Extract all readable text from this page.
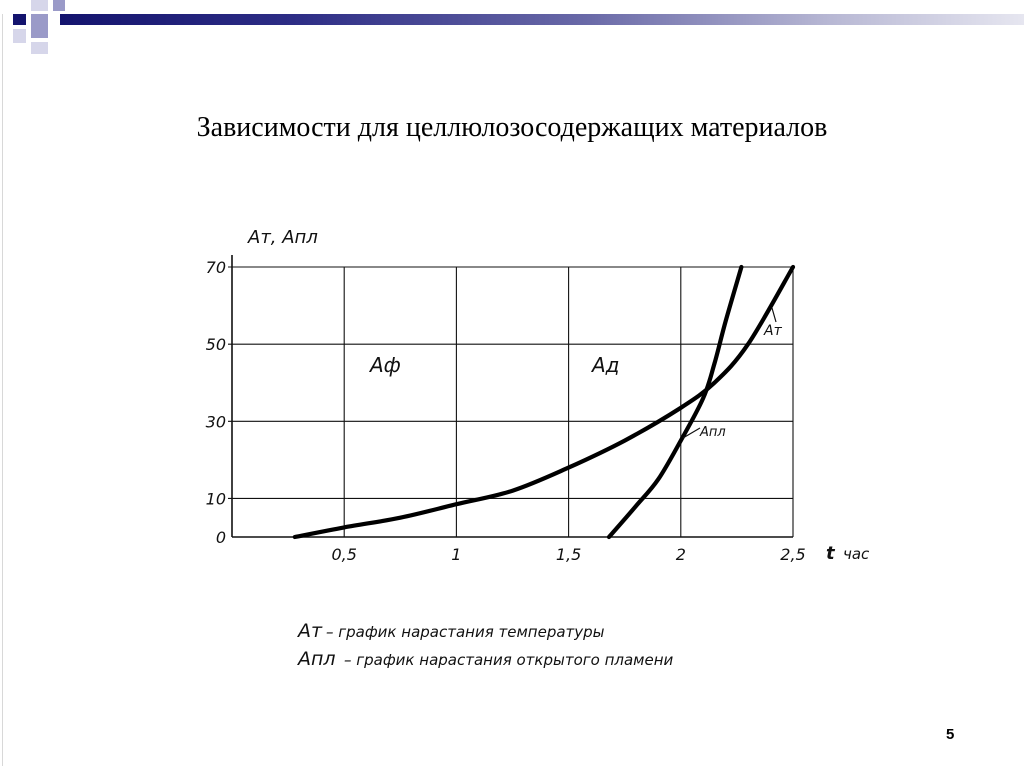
Зависимости для целлюлозосодержащих материалов
Aт, Aпл
t час
Aф	Aд
Aт
Aпл
Aт – график нарастания температуры
Aпл – график нарастания открытого пламени
0
10
30
50
70
0,5	1	1,5	2	2,5
5
